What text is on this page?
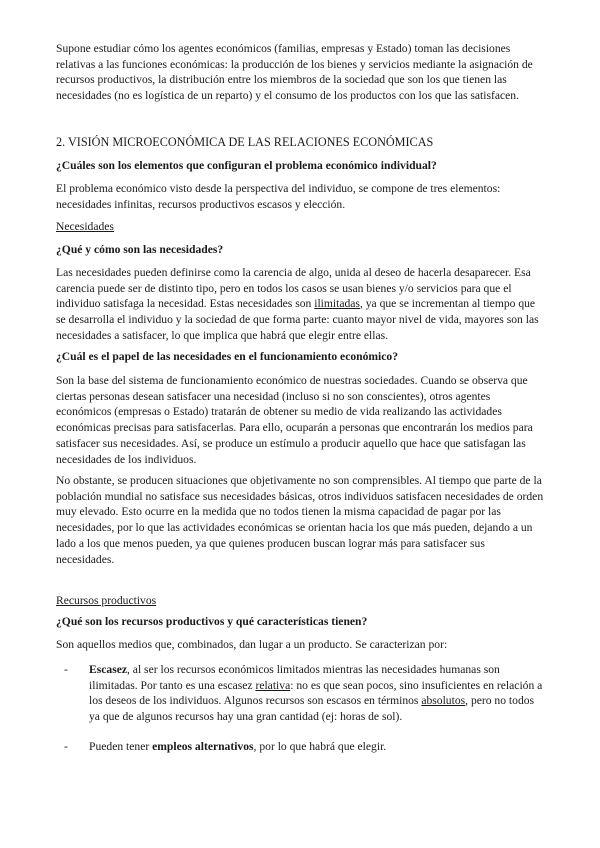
Supone estudiar cómo los agentes económicos (familias, empresas y Estado) toman las decisiones relativas a las funciones económicas: la producción de los bienes y servicios mediante la asignación de recursos productivos, la distribución entre los miembros de la sociedad que son los que tienen las necesidades (no es logística de un reparto) y el consumo de los productos con los que las satisfacen.

2. VISIÓN MICROECONÓMICA DE LAS RELACIONES ECONÓMICAS
¿Cuáles son los elementos que configuran el problema económico individual?

El problema económico visto desde la perspectiva del individuo, se compone de tres elementos: necesidades infinitas, recursos productivos escasos y elección.

Necesidades
¿Qué y cómo son las necesidades?

Las necesidades pueden definirse como la carencia de algo, unida al deseo de hacerla desaparecer. Esa carencia puede ser de distinto tipo, pero en todos los casos se usan bienes y/o servicios para que el individuo satisfaga la necesidad. Estas necesidades son ilimitadas, ya que se incrementan al tiempo que se desarrolla el individuo y la sociedad de que forma parte: cuanto mayor nivel de vida, mayores son las necesidades a satisfacer, lo que implica que habrá que elegir entre ellas.

¿Cuál es el papel de las necesidades en el funcionamiento económico?

Son la base del sistema de funcionamiento económico de nuestras sociedades. Cuando se observa que ciertas personas desean satisfacer una necesidad (incluso si no son conscientes), otros agentes económicos (empresas o Estado) tratarán de obtener su medio de vida realizando las actividades económicas precisas para satisfacerlas. Para ello, ocuparán a personas que encontrarán los medios para satisfacer sus necesidades. Así, se produce un estímulo a producir aquello que hace que satisfagan las necesidades de los individuos.

No obstante, se producen situaciones que objetivamente no son comprensibles. Al tiempo que parte de la población mundial no satisface sus necesidades básicas, otros individuos satisfacen necesidades de orden muy elevado. Esto ocurre en la medida que no todos tienen la misma capacidad de pagar por las necesidades, por lo que las actividades económicas se orientan hacia los que más pueden, dejando a un lado a los que menos pueden, ya que quienes producen buscan lograr más para satisfacer sus necesidades.

Recursos productivos
¿Qué son los recursos productivos y qué características tienen?

Son aquellos medios que, combinados, dan lugar a un producto. Se caracterizan por:

- Escasez, al ser los recursos económicos limitados mientras las necesidades humanas son ilimitadas. Por tanto es una escasez relativa: no es que sean pocos, sino insuficientes en relación a los deseos de los individuos. Algunos recursos son escasos en términos absolutos, pero no todos ya que de algunos recursos hay una gran cantidad (ej: horas de sol).
- Pueden tener empleos alternativos, por lo que habrá que elegir.
